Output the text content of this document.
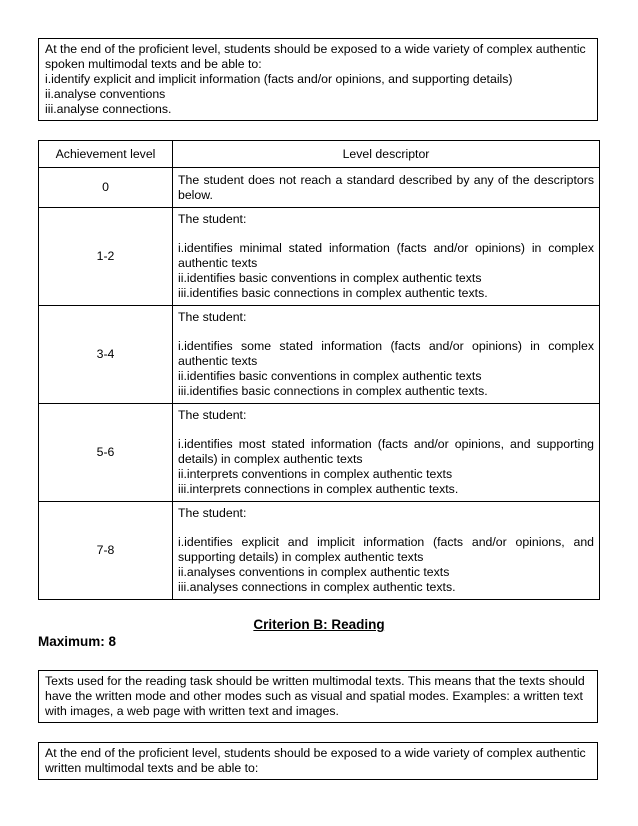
At the end of the proficient level, students should be exposed to a wide variety of complex authentic spoken multimodal texts and be able to:

i.identify explicit and implicit information (facts and/or opinions, and supporting details)

ii.analyse conventions

iii.analyse connections.

Achievement level	Level descriptor
0	The student does not reach a standard described by any of the descriptors below.

1-2	The student:

i.identifies minimal stated information (facts and/or opinions) in complex authentic texts

ii.identifies basic conventions in complex authentic texts

iii.identifies basic connections in complex authentic texts.

3-4	The student:

i.identifies some stated information (facts and/or opinions) in complex authentic texts

ii.identifies basic conventions in complex authentic texts

iii.identifies basic connections in complex authentic texts.

5-6	The student:

i.identifies most stated information (facts and/or opinions, and supporting details) in complex authentic texts

ii.interprets conventions in complex authentic texts

iii.interprets connections in complex authentic texts.

7-8	The student:

i.identifies explicit and implicit information (facts and/or opinions, and supporting details) in complex authentic texts

ii.analyses conventions in complex authentic texts

iii.analyses connections in complex authentic texts.

Criterion B: Reading
Maximum: 8

Texts used for the reading task should be written multimodal texts. This means that the texts should have the written mode and other modes such as visual and spatial modes. Examples: a written text with images, a web page with written text and images.

At the end of the proficient level, students should be exposed to a wide variety of complex authentic written multimodal texts and be able to:
